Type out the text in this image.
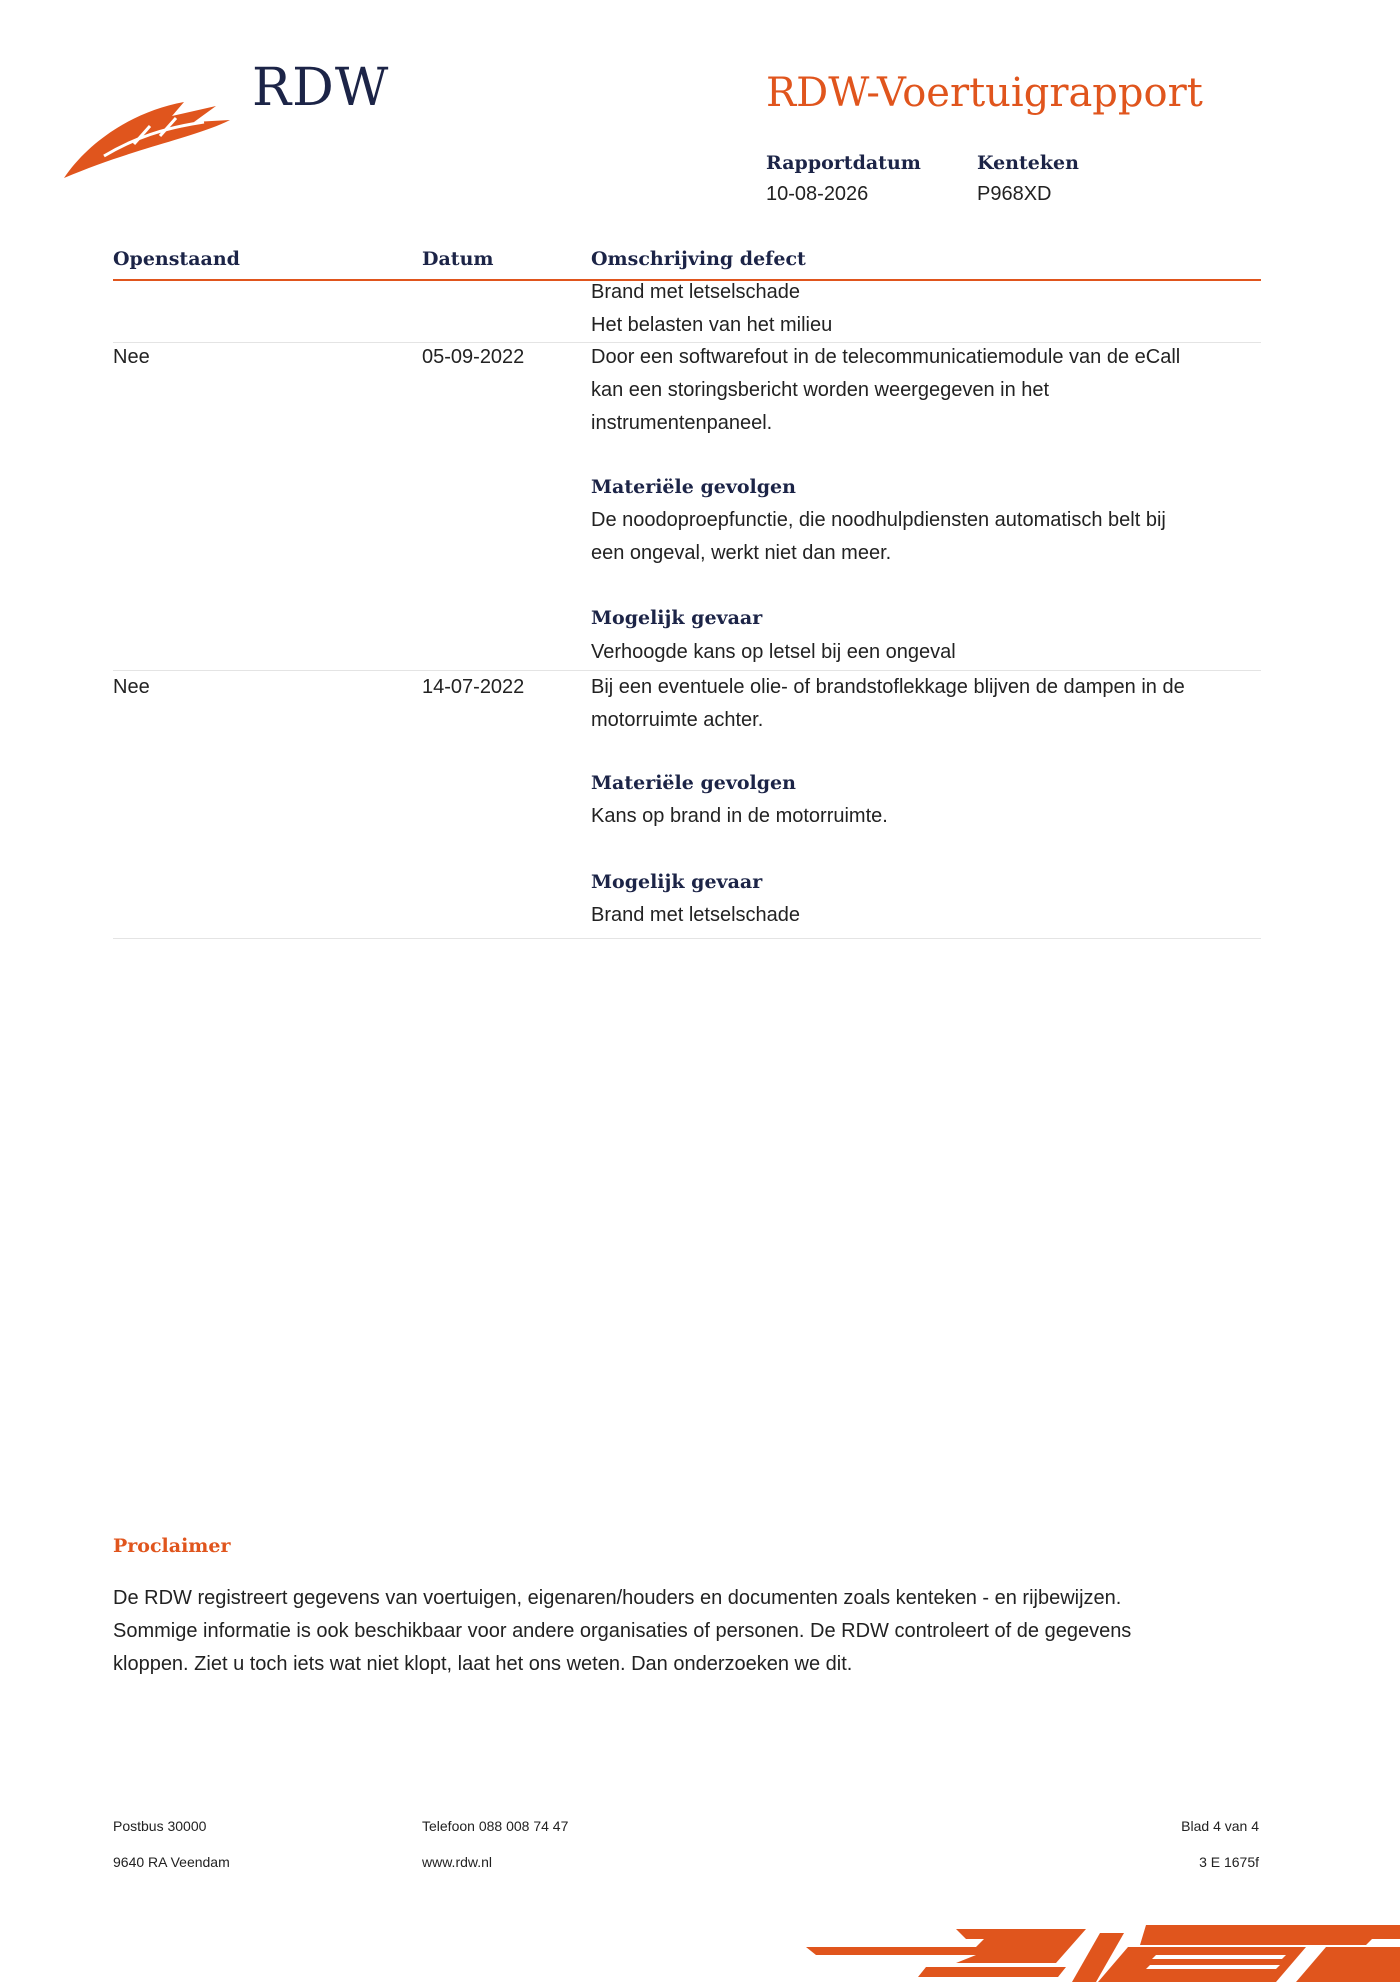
RDW	RDW-Voertuigrapport
Rapportdatum
10-08-2026
Kenteken
P968XD
Openstaand	Datum	Omschrijving defect
Brand met letselschade
Het belasten van het milieu
Nee	05-09-2022	Door een softwarefout in de telecommunicatiemodule van de eCall
kan een storingsbericht worden weergegeven in het
instrumentenpaneel.
Materiële gevolgen
De noodoproepfunctie, die noodhulpdiensten automatisch belt bij
een ongeval, werkt niet dan meer.
Mogelijk gevaar
Verhoogde kans op letsel bij een ongeval
Nee	14-07-2022	Bij een eventuele olie- of brandstoflekkage blijven de dampen in de
motorruimte achter.
Materiële gevolgen
Kans op brand in de motorruimte.
Mogelijk gevaar
Brand met letselschade
Proclaimer
De RDW registreert gegevens van voertuigen, eigenaren/houders en documenten zoals kenteken - en rijbewijzen.
Sommige informatie is ook beschikbaar voor andere organisaties of personen. De RDW controleert of de gegevens
kloppen. Ziet u toch iets wat niet klopt, laat het ons weten. Dan onderzoeken we dit.
Postbus 30000
9640 RA Veendam
Telefoon 088 008 74 47
www.rdw.nl
Blad 4 van 4
3 E 1675f
